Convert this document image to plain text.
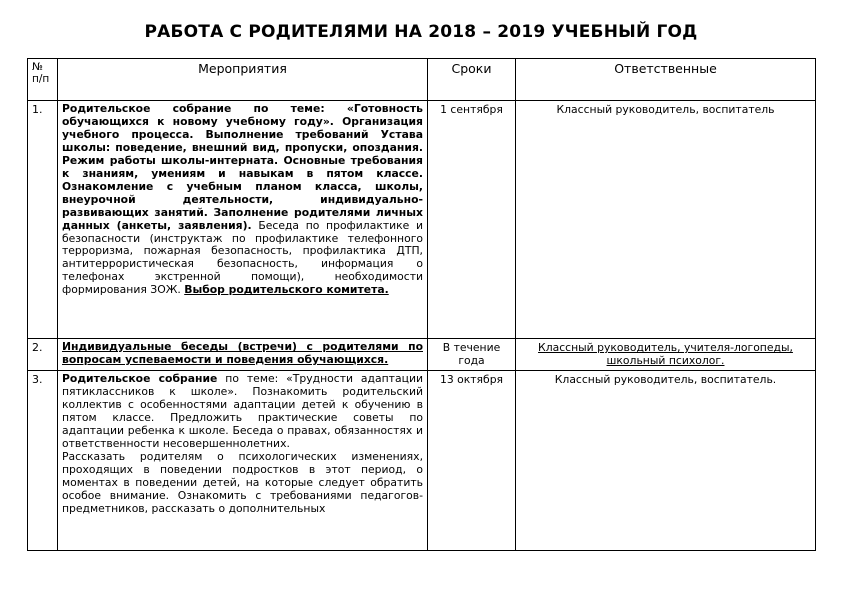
РАБОТА С РОДИТЕЛЯМИ НА 2018 – 2019 УЧЕБНЫЙ ГОД
№ п/п	Мероприятия	Сроки	Ответственные
1.	Родительское собрание по теме: «Готовность обучающихся к новому учебному году». Организация учебного процесса. Выполнение требований Устава школы: поведение, внешний вид, пропуски, опоздания. Режим работы школы-интерната. Основные требования к знаниям, умениям и навыкам в пятом классе. Ознакомление с учебным планом класса, школы, внеурочной деятельности, индивидуально-развивающих занятий. Заполнение родителями личных данных (анкеты, заявления). Беседа по профилактике и безопасности (инструктаж по профилактике телефонного терроризма, пожарная безопасность, профилактика ДТП, антитеррористическая безопасность, информация о телефонах экстренной помощи), необходимости формирования ЗОЖ. Выбор родительского комитета.	1 сентября	Классный руководитель, воспитатель
2.	Индивидуальные беседы (встречи) с родителями по вопросам успеваемости и поведения обучающихся.	В течение года	Классный руководитель, учителя-логопеды, школьный психолог.
3.	Родительское собрание по теме: «Трудности адаптации пятиклассников к школе». Познакомить родительский коллектив с особенностями адаптации детей к обучению в пятом классе. Предложить практические советы по адаптации ребенка к школе. Беседа о правах, обязанностях и ответственности несовершеннолетних.
Рассказать родителям о психологических изменениях, проходящих в поведении подростков в этот период, о моментах в поведении детей, на которые следует обратить особое внимание. Ознакомить с требованиями педагогов-предметников, рассказать о дополнительных	13 октября	Классный руководитель, воспитатель.
